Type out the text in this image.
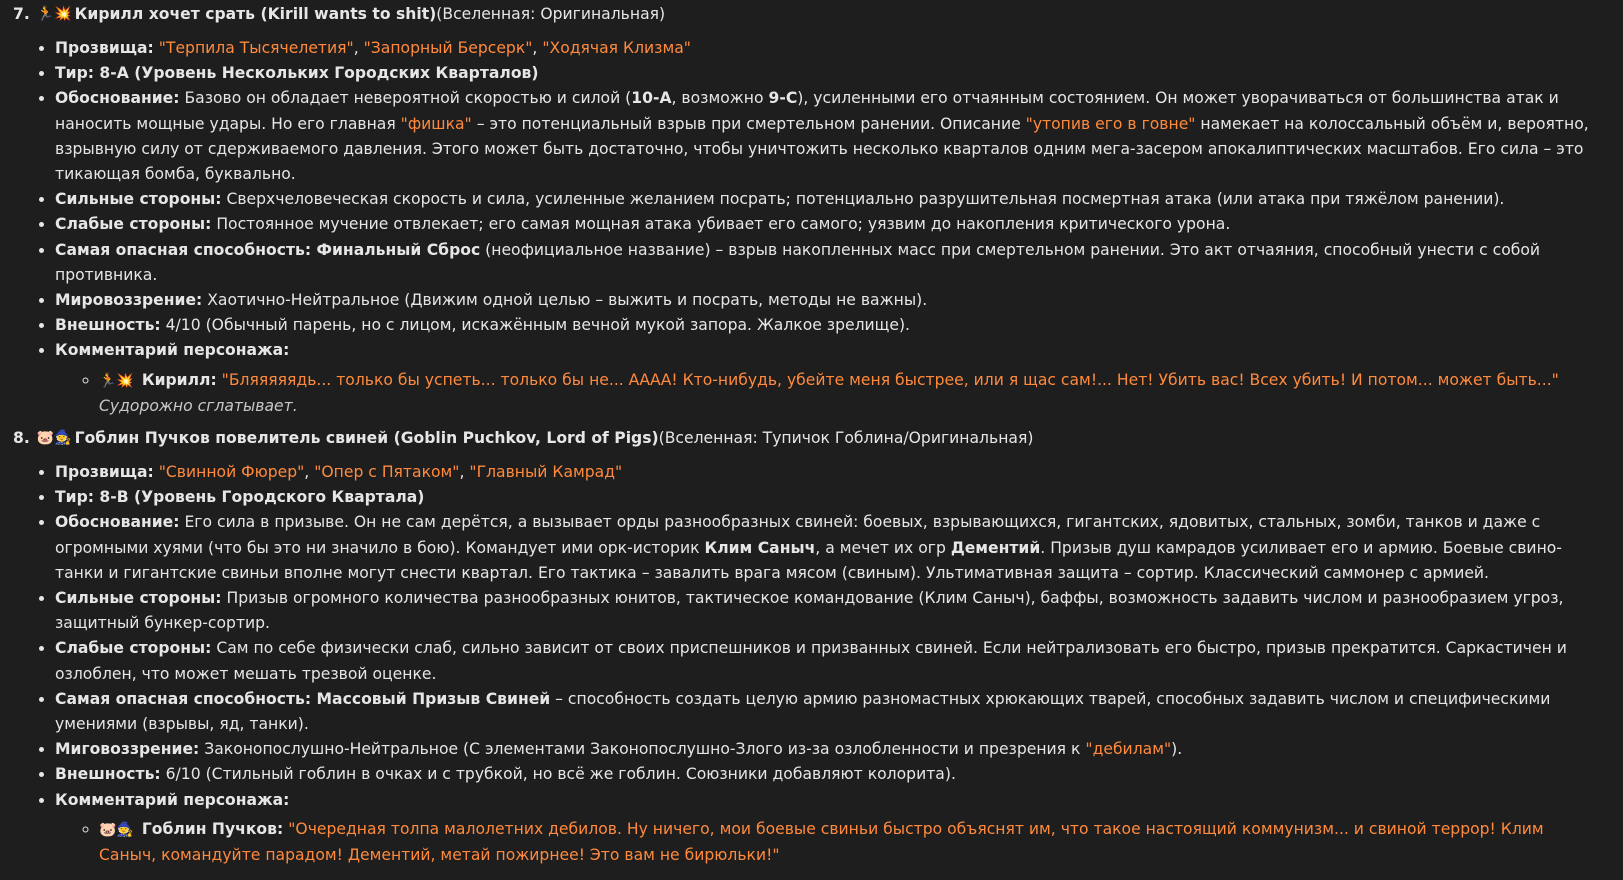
7. 🏃💥 Кирилл хочет срать (Kirill wants to shit) (Вселенная: Оригинальная)
• Прозвища: "Терпила Тысячелетия", "Запорный Берсерк", "Ходячая Клизма"
• Тир: 8-A (Уровень Нескольких Городских Кварталов)
• Обоснование: Базово он обладает невероятной скоростью и силой (10-A, возможно 9-C), усиленными его отчаянным состоянием. Он может уворачиваться от большинства атак и наносить мощные удары. Но его главная "фишка" – это потенциальный взрыв при смертельном ранении. Описание "утопив его в говне" намекает на колоссальный объём и, вероятно, взрывную силу от сдерживаемого давления. Этого может быть достаточно, чтобы уничтожить несколько кварталов одним мега-засером апокалиптических масштабов. Его сила – это тикающая бомба, буквально.
• Сильные стороны: Сверхчеловеческая скорость и сила, усиленные желанием посрать; потенциально разрушительная посмертная атака (или атака при тяжёлом ранении).
• Слабые стороны: Постоянное мучение отвлекает; его самая мощная атака убивает его самого; уязвим до накопления критического урона.
• Самая опасная способность: Финальный Сброс (неофициальное название) – взрыв накопленных масс при смертельном ранении. Это акт отчаяния, способный унести с собой противника.
• Мировоззрение: Хаотично-Нейтральное (Движим одной целью – выжить и посрать, методы не важны).
• Внешность: 4/10 (Обычный парень, но с лицом, искажённым вечной мукой запора. Жалкое зрелище).
• Комментарий персонажа:
◦ 🏃💥 Кирилл: "Бляяяяядь... только бы успеть... только бы не... АААА! Кто-нибудь, убейте меня быстрее, или я щас сам!... Нет! Убить вас! Всех убить! И потом... может быть..."
Судорожно сглатывает.
8. 🐷🧙 Гоблин Пучков повелитель свиней (Goblin Puchkov, Lord of Pigs) (Вселенная: Тупичок Гоблина/Оригинальная)
• Прозвища: "Свинной Фюрер", "Опер с Пятаком", "Главный Камрад"
• Тир: 8-B (Уровень Городского Квартала)
• Обоснование: Его сила в призыве. Он не сам дерётся, а вызывает орды разнообразных свиней: боевых, взрывающихся, гигантских, ядовитых, стальных, зомби, танков и даже с огромными хуями (что бы это ни значило в бою). Командует ими орк-историк Клим Саныч, а мечет их огр Дементий. Призыв душ камрадов усиливает его и армию. Боевые свино-танки и гигантские свиньи вполне могут снести квартал. Его тактика – завалить врага мясом (свиным). Ультимативная защита – сортир. Классический саммонер с армией.
• Сильные стороны: Призыв огромного количества разнообразных юнитов, тактическое командование (Клим Саныч), баффы, возможность задавить числом и разнообразием угроз, защитный бункер-сортир.
• Слабые стороны: Сам по себе физически слаб, сильно зависит от своих приспешников и призванных свиней. Если нейтрализовать его быстро, призыв прекратится. Саркастичен и озлоблен, что может мешать трезвой оценке.
• Самая опасная способность: Массовый Призыв Свиней – способность создать целую армию разномастных хрюкающих тварей, способных задавить числом и специфическими умениями (взрывы, яд, танки).
• Миговоззрение: Законопослушно-Нейтральное (С элементами Законопослушно-Злого из-за озлобленности и презрения к "дебилам").
• Внешность: 6/10 (Стильный гоблин в очках и с трубкой, но всё же гоблин. Союзники добавляют колорита).
• Комментарий персонажа:
◦ 🐷🧙 Гоблин Пучков: "Очередная толпа малолетних дебилов. Ну ничего, мои боевые свиньи быстро объяснят им, что такое настоящий коммунизм... и свиной террор! Клим Саныч, командуйте парадом! Дементий, метай пожирнее! Это вам не бирюльки!"
